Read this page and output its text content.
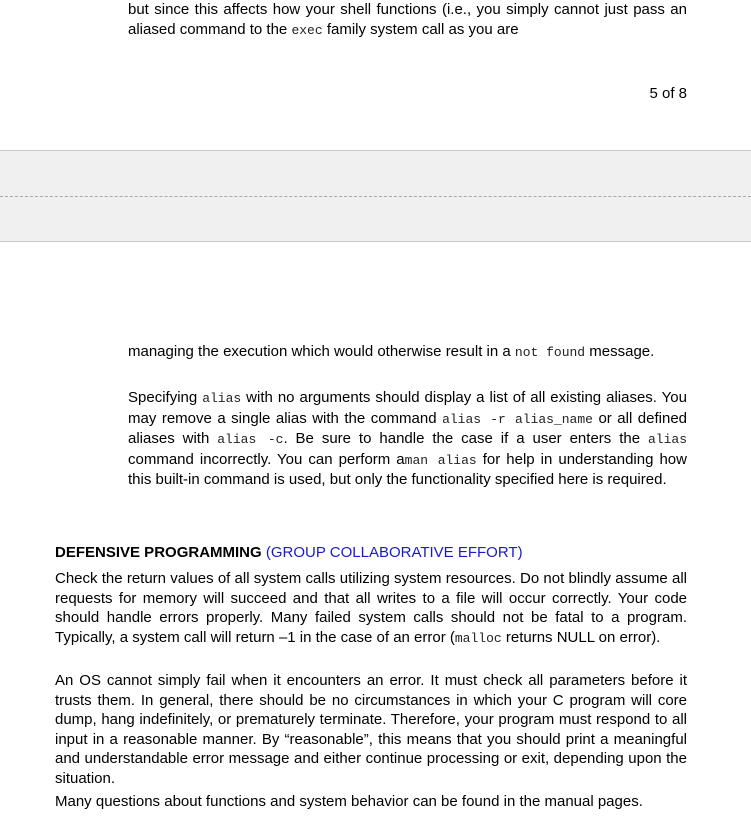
but since this affects how your shell functions (i.e., you simply cannot just pass an aliased command to the exec family system call as you are

5 of 8

managing the execution which would otherwise result in a not found message.

Specifying alias with no arguments should display a list of all existing aliases. You may remove a single alias with the command alias -r alias_name or all defined aliases with alias -c. Be sure to handle the case if a user enters the alias command incorrectly. You can perform aman alias for help in understanding how this built-in command is used, but only the functionality specified here is required.

DEFENSIVE PROGRAMMING (GROUP COLLABORATIVE EFFORT)

Check the return values of all system calls utilizing system resources. Do not blindly assume all requests for memory will succeed and that all writes to a file will occur correctly. Your code should handle errors properly. Many failed system calls should not be fatal to a program. Typically, a system call will return –1 in the case of an error (malloc returns NULL on error).

An OS cannot simply fail when it encounters an error. It must check all parameters before it trusts them. In general, there should be no circumstances in which your C program will core dump, hang indefinitely, or prematurely terminate. Therefore, your program must respond to all input in a reasonable manner. By “reasonable”, this means that you should print a meaningful and understandable error message and either continue processing or exit, depending upon the situation.

Many questions about functions and system behavior can be found in the manual pages.
